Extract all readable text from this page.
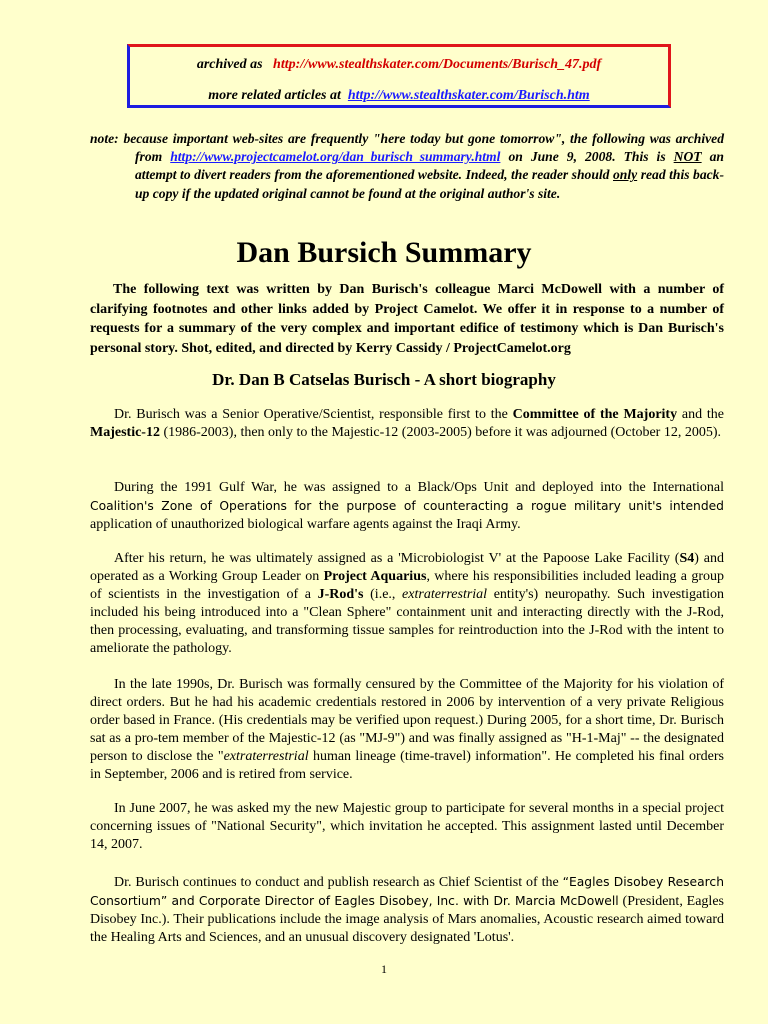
archived as http://www.stealthskater.com/Documents/Burisch_47.pdf
more related articles at http://www.stealthskater.com/Burisch.htm
note: because important web-sites are frequently "here today but gone tomorrow", the following was archived from http://www.projectcamelot.org/dan_burisch_summary.html on June 9, 2008. This is NOT an attempt to divert readers from the aforementioned website. Indeed, the reader should only read this back-up copy if the updated original cannot be found at the original author's site.
Dan Bursich Summary
The following text was written by Dan Burisch's colleague Marci McDowell with a number of clarifying footnotes and other links added by Project Camelot. We offer it in response to a number of requests for a summary of the very complex and important edifice of testimony which is Dan Burisch's personal story. Shot, edited, and directed by Kerry Cassidy / ProjectCamelot.org
Dr. Dan B Catselas Burisch - A short biography
Dr. Burisch was a Senior Operative/Scientist, responsible first to the Committee of the Majority and the Majestic-12 (1986-2003), then only to the Majestic-12 (2003-2005) before it was adjourned (October 12, 2005).
During the 1991 Gulf War, he was assigned to a Black/Ops Unit and deployed into the International Coalition's Zone of Operations for the purpose of counteracting a rogue military unit's intended application of unauthorized biological warfare agents against the Iraqi Army.
After his return, he was ultimately assigned as a 'Microbiologist V' at the Papoose Lake Facility (S4) and operated as a Working Group Leader on Project Aquarius, where his responsibilities included leading a group of scientists in the investigation of a J-Rod's (i.e., extraterrestrial entity's) neuropathy. Such investigation included his being introduced into a "Clean Sphere" containment unit and interacting directly with the J-Rod, then processing, evaluating, and transforming tissue samples for reintroduction into the J-Rod with the intent to ameliorate the pathology.
In the late 1990s, Dr. Burisch was formally censured by the Committee of the Majority for his violation of direct orders. But he had his academic credentials restored in 2006 by intervention of a very private Religious order based in France. (His credentials may be verified upon request.) During 2005, for a short time, Dr. Burisch sat as a pro-tem member of the Majestic-12 (as "MJ-9") and was finally assigned as "H-1-Maj" -- the designated person to disclose the "extraterrestrial human lineage (time-travel) information". He completed his final orders in September, 2006 and is retired from service.
In June 2007, he was asked my the new Majestic group to participate for several months in a special project concerning issues of "National Security", which invitation he accepted. This assignment lasted until December 14, 2007.
Dr. Burisch continues to conduct and publish research as Chief Scientist of the “Eagles Disobey Research Consortium” and Corporate Director of Eagles Disobey, Inc. with Dr. Marcia McDowell (President, Eagles Disobey Inc.). Their publications include the image analysis of Mars anomalies, Acoustic research aimed toward the Healing Arts and Sciences, and an unusual discovery designated 'Lotus'.
1
